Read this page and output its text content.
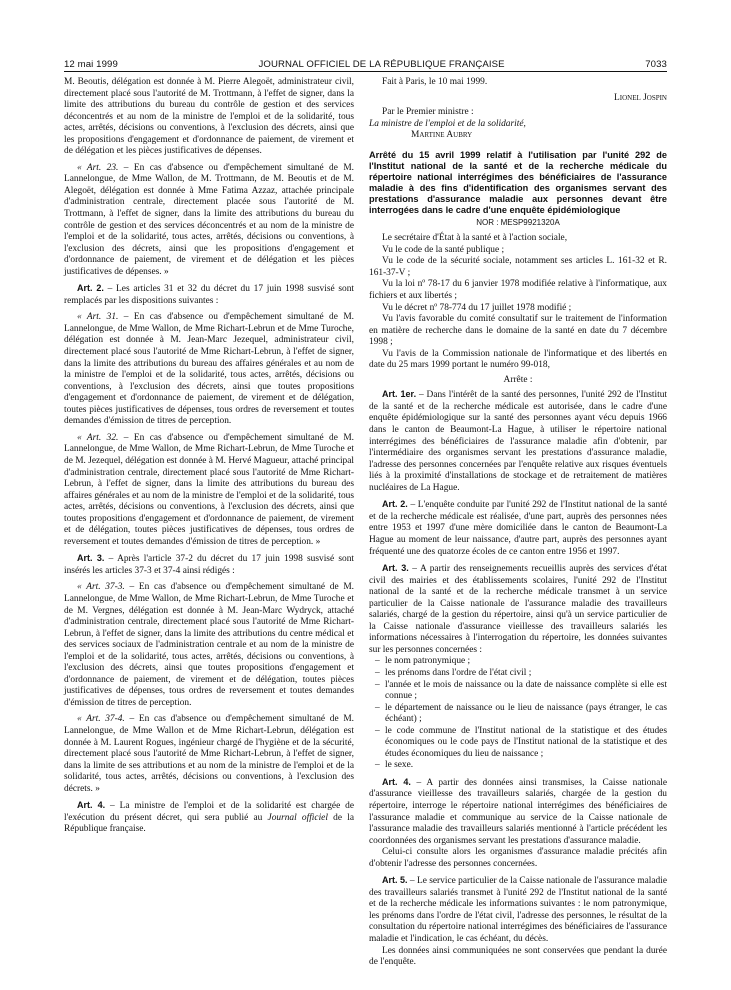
12 mai 1999	JOURNAL OFFICIEL DE LA RÉPUBLIQUE FRANÇAISE	7033

M. Beoutis, délégation est donnée à M. Pierre Alegoët, administrateur civil, directement placé sous l'autorité de M. Trottmann, à l'effet de signer, dans la limite des attributions du bureau du contrôle de gestion et des services déconcentrés et au nom de la ministre de l'emploi et de la solidarité, tous actes, arrêtés, décisions ou conventions, à l'exclusion des décrets, ainsi que les propositions d'engagement et d'ordonnance de paiement, de virement et de délégation et les pièces justificatives de dépenses.

« Art. 23. – En cas d'absence ou d'empêchement simultané de M. Lannelongue, de Mme Wallon, de M. Trottmann, de M. Beoutis et de M. Alegoët, délégation est donnée à Mme Fatima Azzaz, attachée principale d'administration centrale, directement placée sous l'autorité de M. Trottmann, à l'effet de signer, dans la limite des attributions du bureau du contrôle de gestion et des services déconcentrés et au nom de la ministre de l'emploi et de la solidarité, tous actes, arrêtés, décisions ou conventions, à l'exclusion des décrets, ainsi que les propositions d'engagement et d'ordonnance de paiement, de virement et de délégation et les pièces justificatives de dépenses. »

Art. 2. – Les articles 31 et 32 du décret du 17 juin 1998 susvisé sont remplacés par les dispositions suivantes :

« Art. 31. – En cas d'absence ou d'empêchement simultané de M. Lannelongue, de Mme Wallon, de Mme Richart-Lebrun et de Mme Turoche, délégation est donnée à M. Jean-Marc Jezequel, administrateur civil, directement placé sous l'autorité de Mme Richart-Lebrun, à l'effet de signer, dans la limite des attributions du bureau des affaires générales et au nom de la ministre de l'emploi et de la solidarité, tous actes, arrêtés, décisions ou conventions, à l'exclusion des décrets, ainsi que toutes propositions d'engagement et d'ordonnance de paiement, de virement et de délégation, toutes pièces justificatives de dépenses, tous ordres de reversement et toutes demandes d'émission de titres de perception.

« Art. 32. – En cas d'absence ou d'empêchement simultané de M. Lannelongue, de Mme Wallon, de Mme Richart-Lebrun, de Mme Turoche et de M. Jezequel, délégation est donnée à M. Hervé Magueur, attaché principal d'administration centrale, directement placé sous l'autorité de Mme Richart-Lebrun, à l'effet de signer, dans la limite des attributions du bureau des affaires générales et au nom de la ministre de l'emploi et de la solidarité, tous actes, arrêtés, décisions ou conventions, à l'exclusion des décrets, ainsi que toutes propositions d'engagement et d'ordonnance de paiement, de virement et de délégation, toutes pièces justificatives de dépenses, tous ordres de reversement et toutes demandes d'émission de titres de perception. »

Art. 3. – Après l'article 37-2 du décret du 17 juin 1998 susvisé sont insérés les articles 37-3 et 37-4 ainsi rédigés :

« Art. 37-3. – En cas d'absence ou d'empêchement simultané de M. Lannelongue, de Mme Wallon, de Mme Richart-Lebrun, de Mme Turoche et de M. Vergnes, délégation est donnée à M. Jean-Marc Wydryck, attaché d'administration centrale, directement placé sous l'autorité de Mme Richart-Lebrun, à l'effet de signer, dans la limite des attributions du centre médical et des services sociaux de l'administration centrale et au nom de la ministre de l'emploi et de la solidarité, tous actes, arrêtés, décisions ou conventions, à l'exclusion des décrets, ainsi que toutes propositions d'engagement et d'ordonnance de paiement, de virement et de délégation, toutes pièces justificatives de dépenses, tous ordres de reversement et toutes demandes d'émission de titres de perception.

« Art. 37-4. – En cas d'absence ou d'empêchement simultané de M. Lannelongue, de Mme Wallon et de Mme Richart-Lebrun, délégation est donnée à M. Laurent Rogues, ingénieur chargé de l'hygiène et de la sécurité, directement placé sous l'autorité de Mme Richart-Lebrun, à l'effet de signer, dans la limite de ses attributions et au nom de la ministre de l'emploi et de la solidarité, tous actes, arrêtés, décisions ou conventions, à l'exclusion des décrets. »

Art. 4. – La ministre de l'emploi et de la solidarité est chargée de l'exécution du présent décret, qui sera publié au Journal officiel de la République française.

Fait à Paris, le 10 mai 1999.

Lionel Jospin

Par le Premier ministre :

La ministre de l'emploi et de la solidarité,

Martine Aubry

Arrêté du 15 avril 1999 relatif à l'utilisation par l'unité 292 de l'Institut national de la santé et de la recherche médicale du répertoire national interrégimes des bénéficiaires de l'assurance maladie à des fins d'identification des organismes servant des prestations d'assurance maladie aux personnes devant être interrogées dans le cadre d'une enquête épidémiologique

NOR : MESP9921320A

Le secrétaire d'État à la santé et à l'action sociale,

Vu le code de la santé publique ;

Vu le code de la sécurité sociale, notamment ses articles L. 161-32 et R. 161-37-V ;

Vu la loi nº 78-17 du 6 janvier 1978 modifiée relative à l'informatique, aux fichiers et aux libertés ;

Vu le décret nº 78-774 du 17 juillet 1978 modifié ;

Vu l'avis favorable du comité consultatif sur le traitement de l'information en matière de recherche dans le domaine de la santé en date du 7 décembre 1998 ;

Vu l'avis de la Commission nationale de l'informatique et des libertés en date du 25 mars 1999 portant le numéro 99-018,

Arrête :

Art. 1er. – Dans l'intérêt de la santé des personnes, l'unité 292 de l'Institut de la santé et de la recherche médicale est autorisée, dans le cadre d'une enquête épidémiologique sur la santé des personnes ayant vécu depuis 1966 dans le canton de Beaumont-La Hague, à utiliser le répertoire national interrégimes des bénéficiaires de l'assurance maladie afin d'obtenir, par l'intermédiaire des organismes servant les prestations d'assurance maladie, l'adresse des personnes concernées par l'enquête relative aux risques éventuels liés à la proximité d'installations de stockage et de retraitement de matières nucléaires de La Hague.

Art. 2. – L'enquête conduite par l'unité 292 de l'Institut national de la santé et de la recherche médicale est réalisée, d'une part, auprès des personnes nées entre 1953 et 1997 d'une mère domiciliée dans le canton de Beaumont-La Hague au moment de leur naissance, d'autre part, auprès des personnes ayant fréquenté une des quatorze écoles de ce canton entre 1956 et 1997.

Art. 3. – A partir des renseignements recueillis auprès des services d'état civil des mairies et des établissements scolaires, l'unité 292 de l'Institut national de la santé et de la recherche médicale transmet à un service particulier de la Caisse nationale de l'assurance maladie des travailleurs salariés, chargé de la gestion du répertoire, ainsi qu'à un service particulier de la Caisse nationale d'assurance vieillesse des travailleurs salariés les informations nécessaires à l'interrogation du répertoire, les données suivantes sur les personnes concernées :

– le nom patronymique ;
– les prénoms dans l'ordre de l'état civil ;
– l'année et le mois de naissance ou la date de naissance complète si elle est connue ;
– le département de naissance ou le lieu de naissance (pays étranger, le cas échéant) ;
– le code commune de l'Institut national de la statistique et des études économiques ou le code pays de l'Institut national de la statistique et des études économiques du lieu de naissance ;
– le sexe.

Art. 4. – A partir des données ainsi transmises, la Caisse nationale d'assurance vieillesse des travailleurs salariés, chargée de la gestion du répertoire, interroge le répertoire national interrégimes des bénéficiaires de l'assurance maladie et communique au service de la Caisse nationale de l'assurance maladie des travailleurs salariés mentionné à l'article précédent les coordonnées des organismes servant les prestations d'assurance maladie.

Celui-ci consulte alors les organismes d'assurance maladie précités afin d'obtenir l'adresse des personnes concernées.

Art. 5. – Le service particulier de la Caisse nationale de l'assurance maladie des travailleurs salariés transmet à l'unité 292 de l'Institut national de la santé et de la recherche médicale les informations suivantes : le nom patronymique, les prénoms dans l'ordre de l'état civil, l'adresse des personnes, le résultat de la consultation du répertoire national interrégimes des bénéficiaires de l'assurance maladie et l'indication, le cas échéant, du décès.

Les données ainsi communiquées ne sont conservées que pendant la durée de l'enquête.
